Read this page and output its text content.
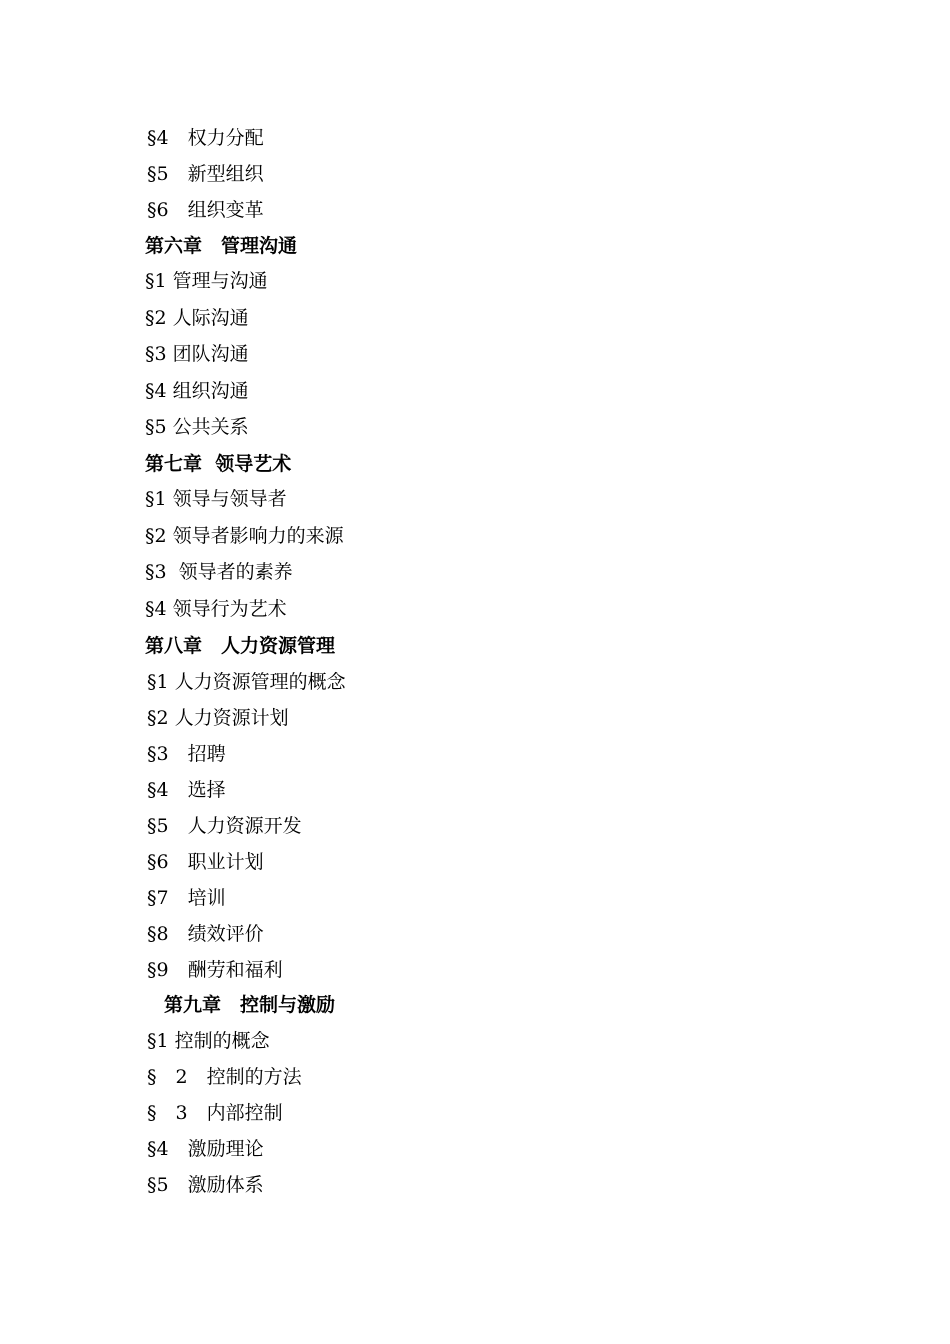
§4　权力分配
§5　新型组织
§6　组织变革
第六章　管理沟通
§1 管理与沟通
§2 人际沟通
§3 团队沟通
§4 组织沟通
§5 公共关系
第七章  领导艺术
§1 领导与领导者
§2 领导者影响力的来源
§3  领导者的素养
§4 领导行为艺术
第八章　人力资源管理
§1 人力资源管理的概念
§2 人力资源计划
§3　招聘
§4　选择
§5　人力资源开发
§6　职业计划
§7　培训
§8　绩效评价
§9　酬劳和福利
第九章　控制与激励
§1 控制的概念
§　2　控制的方法
§　3　内部控制
§4　激励理论
§5　激励体系
